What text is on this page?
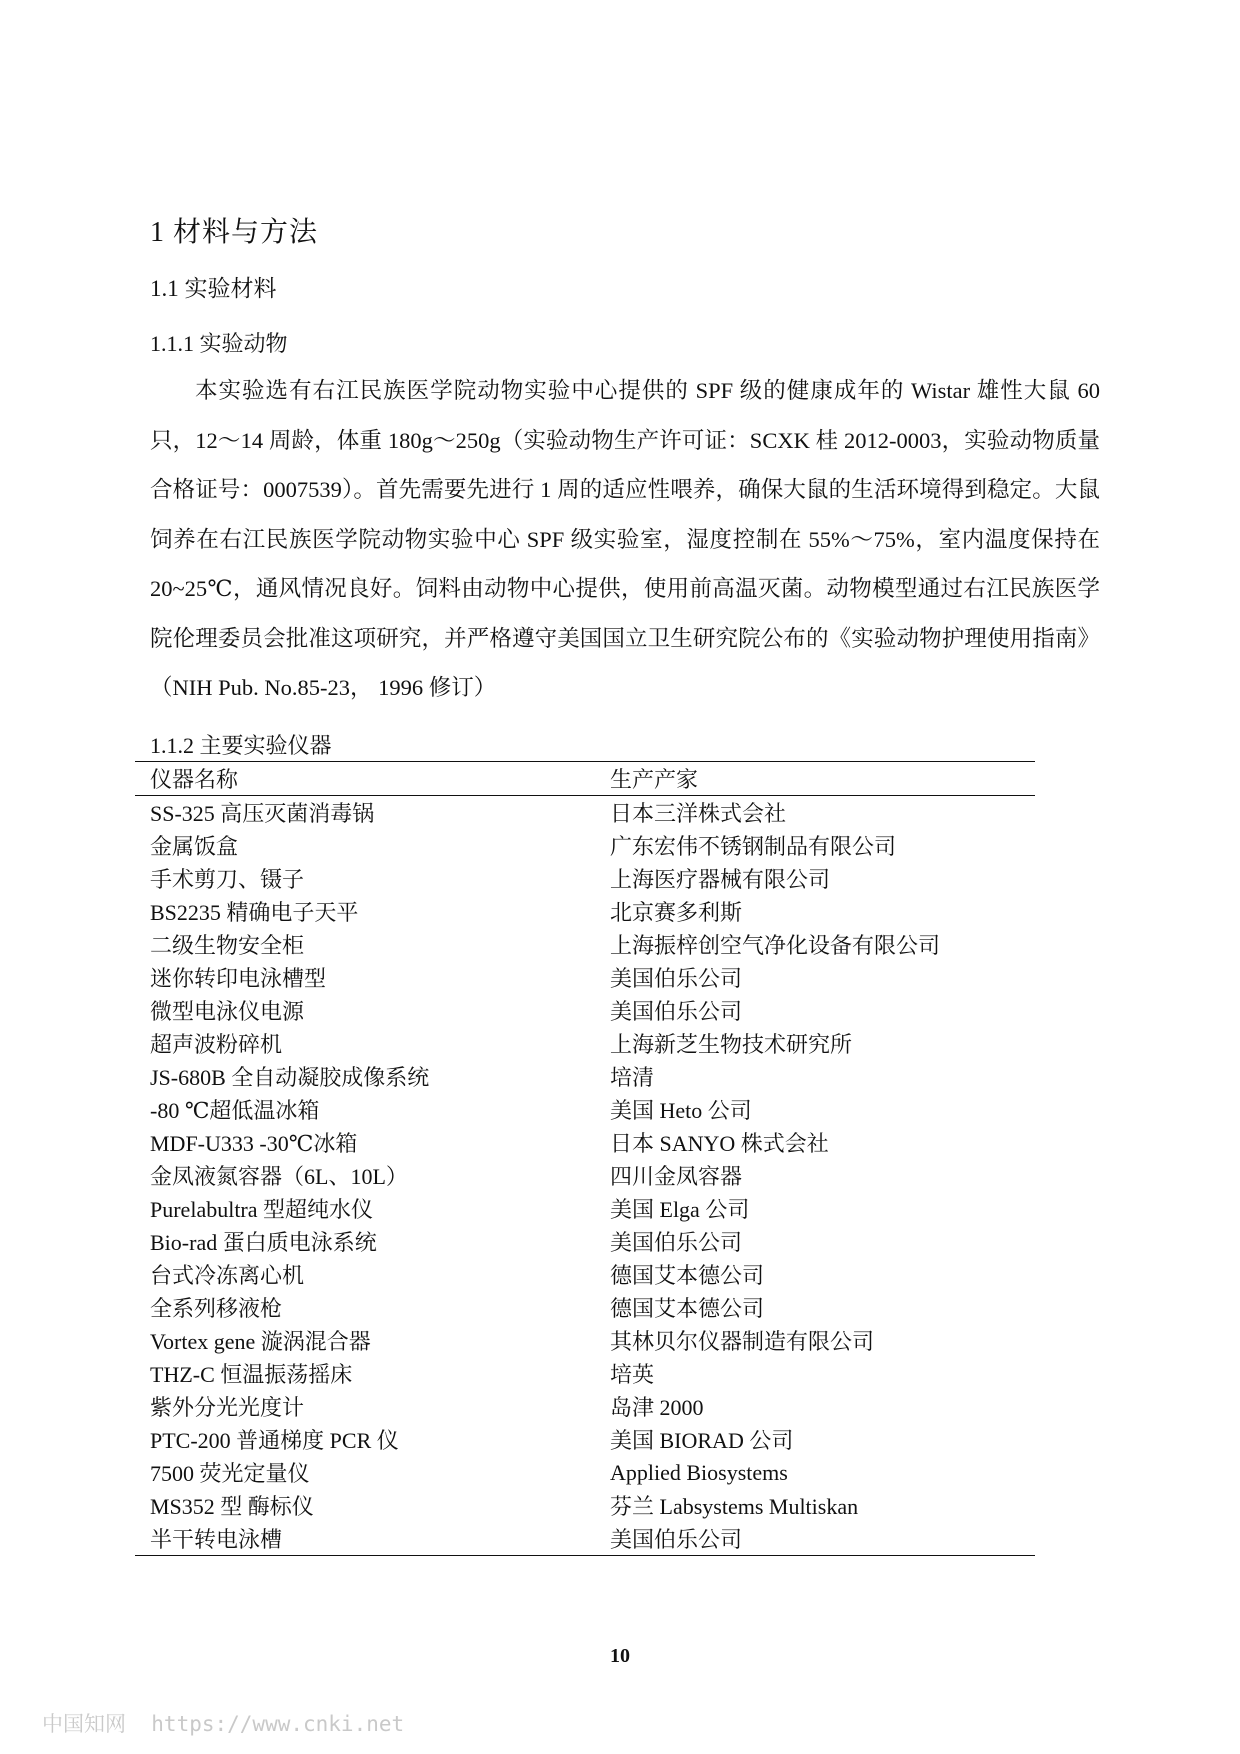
1 材料与方法
1.1 实验材料
1.1.1 实验动物

本实验选有右江民族医学院动物实验中心提供的 SPF 级的健康成年的 Wistar 雄性大鼠 60 只，12～14 周龄，体重 180g～250g（实验动物生产许可证：SCXK 桂 2012-0003，实验动物质量合格证号：0007539）。首先需要先进行 1 周的适应性喂养，确保大鼠的生活环境得到稳定。大鼠饲养在右江民族医学院动物实验中心 SPF 级实验室，湿度控制在 55%～75%，室内温度保持在 20~25℃，通风情况良好。饲料由动物中心提供，使用前高温灭菌。动物模型通过右江民族医学院伦理委员会批准这项研究，并严格遵守美国国立卫生研究院公布的《实验动物护理使用指南》（NIH Pub. No.85-23， 1996 修订）

1.1.2 主要实验仪器
仪器名称	生产产家
SS-325 高压灭菌消毒锅	日本三洋株式会社
金属饭盒	广东宏伟不锈钢制品有限公司
手术剪刀、镊子	上海医疗器械有限公司
BS2235 精确电子天平	北京赛多利斯
二级生物安全柜	上海振梓创空气净化设备有限公司
迷你转印电泳槽型	美国伯乐公司
微型电泳仪电源	美国伯乐公司
超声波粉碎机	上海新芝生物技术研究所
JS-680B 全自动凝胶成像系统	培清
-80 ℃超低温冰箱	美国 Heto 公司
MDF-U333 -30℃冰箱	日本 SANYO 株式会社
金凤液氮容器（6L、10L）	四川金凤容器
Purelabultra 型超纯水仪	美国 Elga 公司
Bio-rad 蛋白质电泳系统	美国伯乐公司
台式冷冻离心机	德国艾本德公司
全系列移液枪	德国艾本德公司
Vortex gene 漩涡混合器	其林贝尔仪器制造有限公司
THZ-C 恒温振荡摇床	培英
紫外分光光度计	岛津 2000
PTC-200 普通梯度 PCR 仪	美国 BIORAD 公司
7500 荧光定量仪	Applied Biosystems
MS352 型 酶标仪	芬兰 Labsystems Multiskan
半干转电泳槽	美国伯乐公司
10
中国知网  https://www.cnki.net
